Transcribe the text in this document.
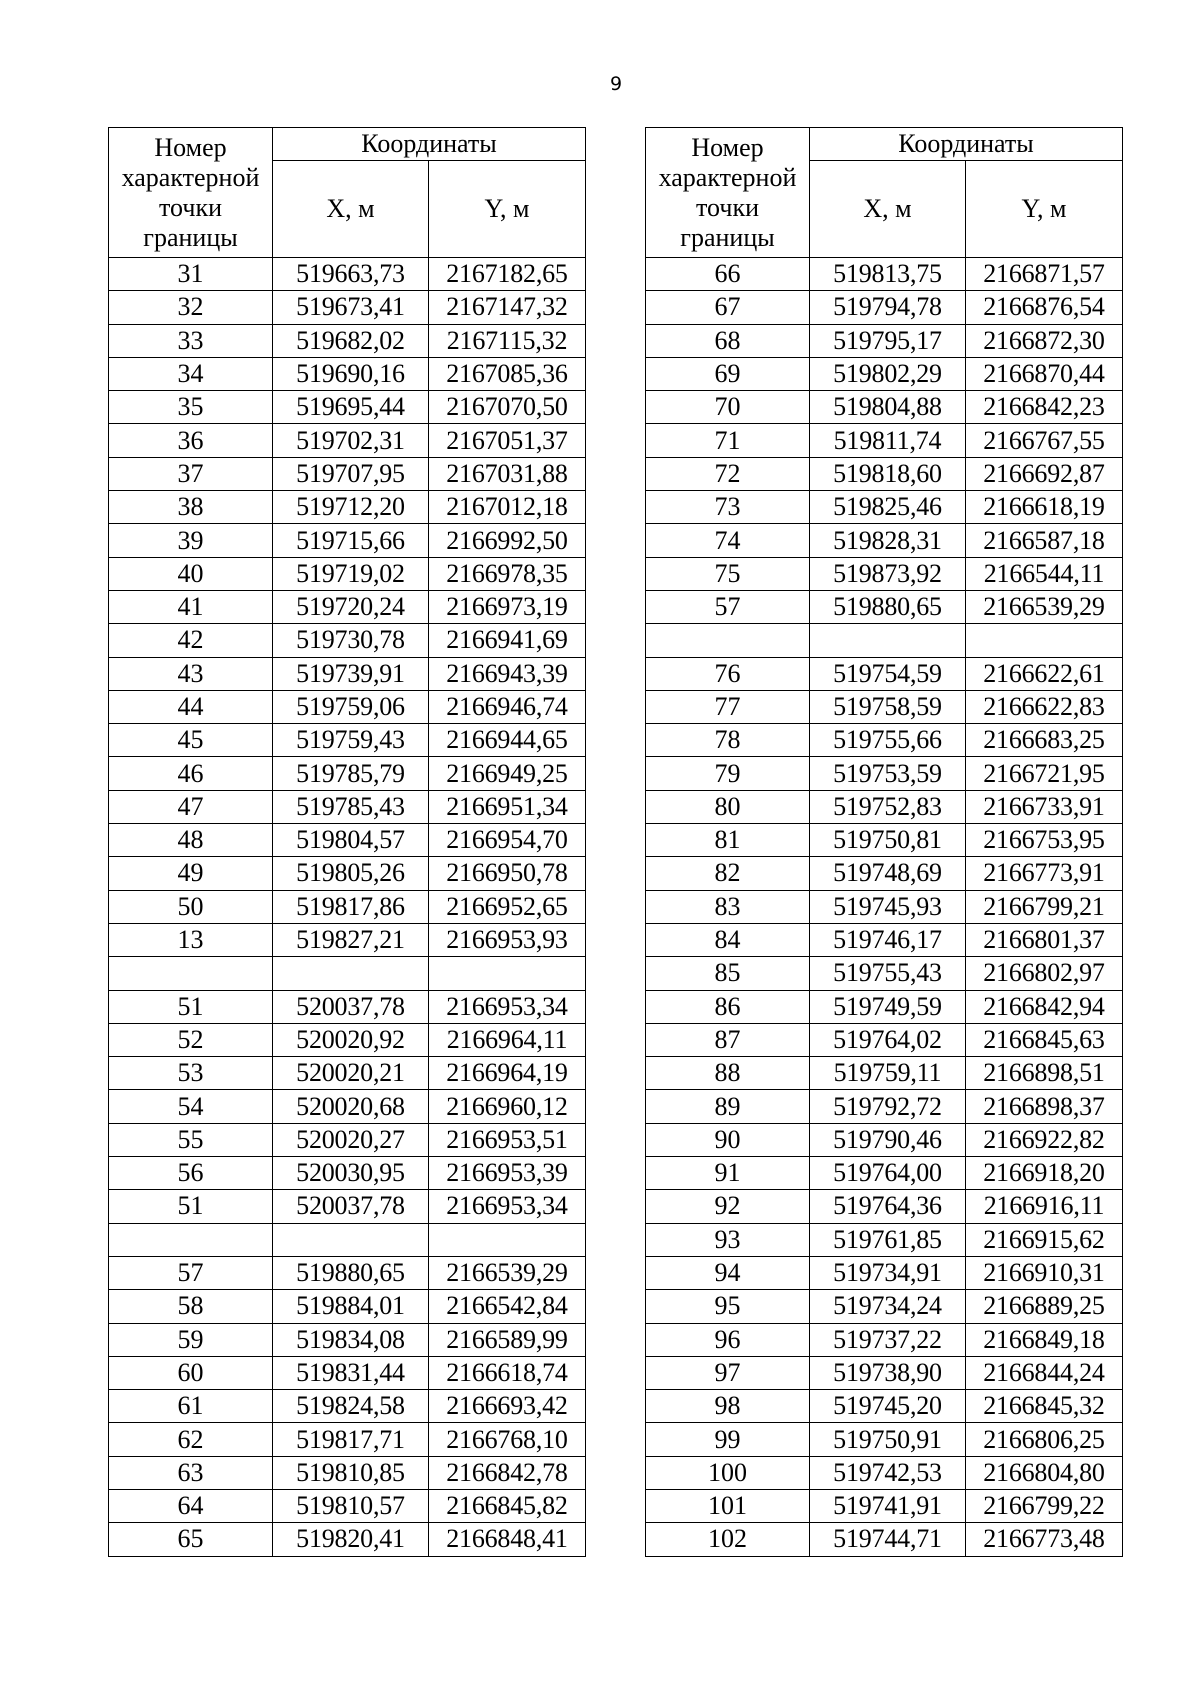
9
Номер
характерной
точки
границы	Координаты	
	X, м	Y, м
31	519663,73	2167182,65
32	519673,41	2167147,32
33	519682,02	2167115,32
34	519690,16	2167085,36
35	519695,44	2167070,50
36	519702,31	2167051,37
37	519707,95	2167031,88
38	519712,20	2167012,18
39	519715,66	2166992,50
40	519719,02	2166978,35
41	519720,24	2166973,19
42	519730,78	2166941,69
43	519739,91	2166943,39
44	519759,06	2166946,74
45	519759,43	2166944,65
46	519785,79	2166949,25
47	519785,43	2166951,34
48	519804,57	2166954,70
49	519805,26	2166950,78
50	519817,86	2166952,65
13	519827,21	2166953,93

51	520037,78	2166953,34
52	520020,92	2166964,11
53	520020,21	2166964,19
54	520020,68	2166960,12
55	520020,27	2166953,51
56	520030,95	2166953,39
51	520037,78	2166953,34

57	519880,65	2166539,29
58	519884,01	2166542,84
59	519834,08	2166589,99
60	519831,44	2166618,74
61	519824,58	2166693,42
62	519817,71	2166768,10
63	519810,85	2166842,78
64	519810,57	2166845,82
65	519820,41	2166848,41
Номер
характерной
точки
границы	Координаты	
	X, м	Y, м
66	519813,75	2166871,57
67	519794,78	2166876,54
68	519795,17	2166872,30
69	519802,29	2166870,44
70	519804,88	2166842,23
71	519811,74	2166767,55
72	519818,60	2166692,87
73	519825,46	2166618,19
74	519828,31	2166587,18
75	519873,92	2166544,11
57	519880,65	2166539,29

76	519754,59	2166622,61
77	519758,59	2166622,83
78	519755,66	2166683,25
79	519753,59	2166721,95
80	519752,83	2166733,91
81	519750,81	2166753,95
82	519748,69	2166773,91
83	519745,93	2166799,21
84	519746,17	2166801,37
85	519755,43	2166802,97
86	519749,59	2166842,94
87	519764,02	2166845,63
88	519759,11	2166898,51
89	519792,72	2166898,37
90	519790,46	2166922,82
91	519764,00	2166918,20
92	519764,36	2166916,11
93	519761,85	2166915,62
94	519734,91	2166910,31
95	519734,24	2166889,25
96	519737,22	2166849,18
97	519738,90	2166844,24
98	519745,20	2166845,32
99	519750,91	2166806,25
100	519742,53	2166804,80
101	519741,91	2166799,22
102	519744,71	2166773,48
